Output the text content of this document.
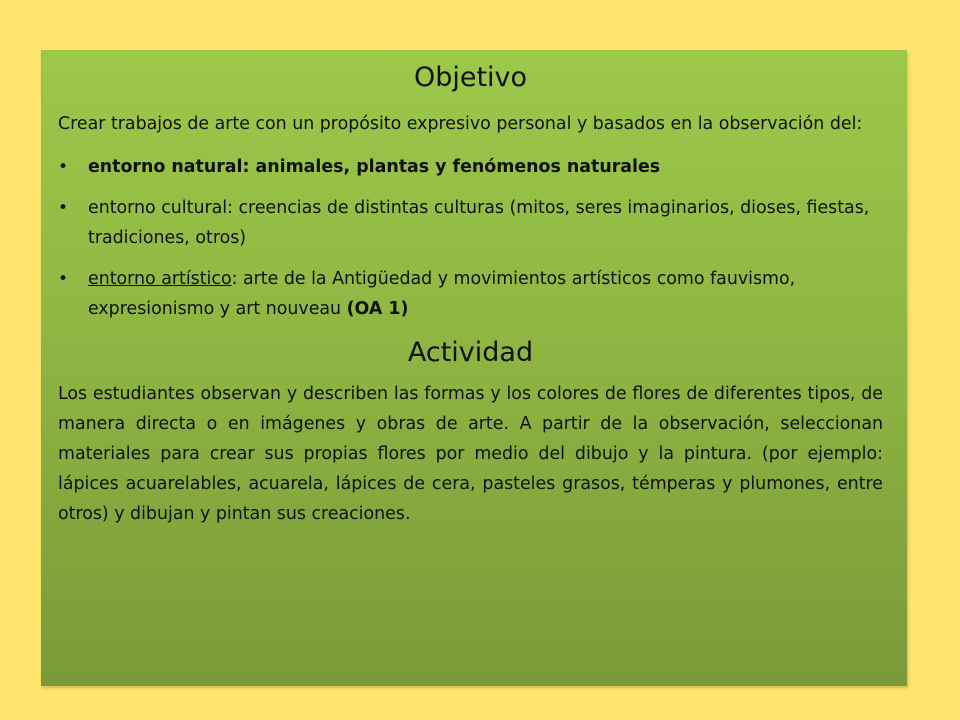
Objetivo

Crear trabajos de arte con un propósito expresivo personal y basados en la observación del:

• entorno natural: animales, plantas y fenómenos naturales
• entorno cultural: creencias de distintas culturas (mitos, seres imaginarios, dioses, fiestas, tradiciones, otros)
• entorno artístico: arte de la Antigüedad y movimientos artísticos como fauvismo, expresionismo y art nouveau (OA 1)
Actividad

Los estudiantes observan y describen las formas y los colores de flores de diferentes tipos, de manera directa o en imágenes y obras de arte. A partir de la observación, seleccionan materiales para crear sus propias flores por medio del dibujo y la pintura. (por ejemplo: lápices acuarelables, acuarela, lápices de cera, pasteles grasos, témperas y plumones, entre otros) y dibujan y pintan sus creaciones.
